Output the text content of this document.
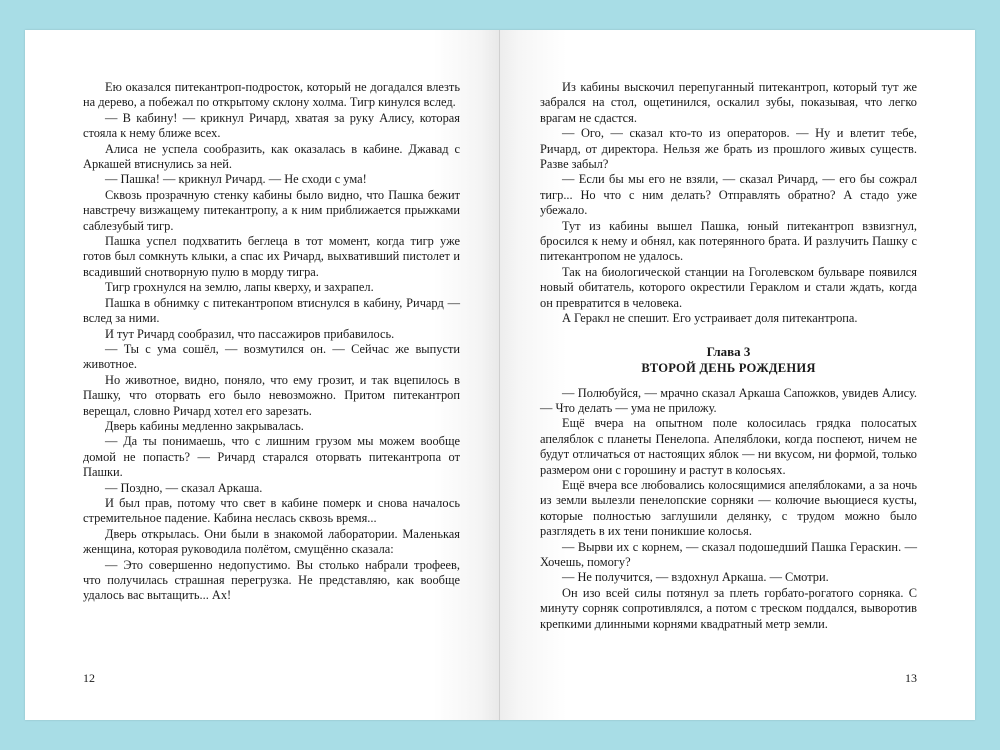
Ею оказался питекантроп-подросток, который не догадался влезть на дерево, а побежал по открытому склону холма. Тигр кинулся вслед.

— В кабину! — крикнул Ричард, хватая за руку Алису, которая стояла к нему ближе всех.

Алиса не успела сообразить, как оказалась в кабине. Джавад с Аркашей втиснулись за ней.

— Пашка! — крикнул Ричард. — Не сходи с ума!

Сквозь прозрачную стенку кабины было видно, что Пашка бежит навстречу визжащему питекантропу, а к ним приближается прыжками саблезубый тигр.

Пашка успел подхватить беглеца в тот момент, когда тигр уже готов был сомкнуть клыки, а спас их Ричард, выхвативший пистолет и всадивший снотворную пулю в морду тигра.

Тигр грохнулся на землю, лапы кверху, и захрапел.

Пашка в обнимку с питекантропом втиснулся в кабину, Ричард — вслед за ними.

И тут Ричард сообразил, что пассажиров прибавилось.

— Ты с ума сошёл, — возмутился он. — Сейчас же выпусти животное.

Но животное, видно, поняло, что ему грозит, и так вцепилось в Пашку, что оторвать его было невозможно. Притом питекантроп верещал, словно Ричард хотел его зарезать.

Дверь кабины медленно закрывалась.

— Да ты понимаешь, что с лишним грузом мы можем вообще домой не попасть? — Ричард старался оторвать питекантропа от Пашки.

— Поздно, — сказал Аркаша.

И был прав, потому что свет в кабине померк и снова началось стремительное падение. Кабина неслась сквозь время...

Дверь открылась. Они были в знакомой лаборатории. Маленькая женщина, которая руководила полётом, смущённо сказала:

— Это совершенно недопустимо. Вы столько набрали трофеев, что получилась страшная перегрузка. Не представляю, как вообще удалось вас вытащить... Ах!

12

Из кабины выскочил перепуганный питекантроп, который тут же забрался на стол, ощетинился, оскалил зубы, показывая, что легко врагам не сдастся.

— Ого, — сказал кто-то из операторов. — Ну и влетит тебе, Ричард, от директора. Нельзя же брать из прошлого живых существ. Разве забыл?

— Если бы мы его не взяли, — сказал Ричард, — его бы сожрал тигр... Но что с ним делать? Отправлять обратно? А стадо уже убежало.

Тут из кабины вышел Пашка, юный питекантроп взвизгнул, бросился к нему и обнял, как потерянного брата. И разлучить Пашку с питекантропом не удалось.

Так на биологической станции на Гоголевском бульваре появился новый обитатель, которого окрестили Гераклом и стали ждать, когда он превратится в человека.

А Геракл не спешит. Его устраивает доля питекантропа.

Глава 3
ВТОРОЙ ДЕНЬ РОЖДЕНИЯ

— Полюбуйся, — мрачно сказал Аркаша Сапожков, увидев Алису. — Что делать — ума не приложу.

Ещё вчера на опытном поле колосилась грядка полосатых апеляблок с планеты Пенелопа. Апеляблоки, когда поспеют, ничем не будут отличаться от настоящих яблок — ни вкусом, ни формой, только размером они с горошину и растут в колосьях.

Ещё вчера все любовались колосящимися апеляблоками, а за ночь из земли вылезли пенелопские сорняки — колючие вьющиеся кусты, которые полностью заглушили делянку, с трудом можно было разглядеть в их тени поникшие колосья.

— Вырви их с корнем, — сказал подошедший Пашка Гераскин. — Хочешь, помогу?

— Не получится, — вздохнул Аркаша. — Смотри.

Он изо всей силы потянул за плеть горбато-рогатого сорняка. С минуту сорняк сопротивлялся, а потом с треском поддался, выворотив крепкими длинными корнями квадратный метр земли.

13
